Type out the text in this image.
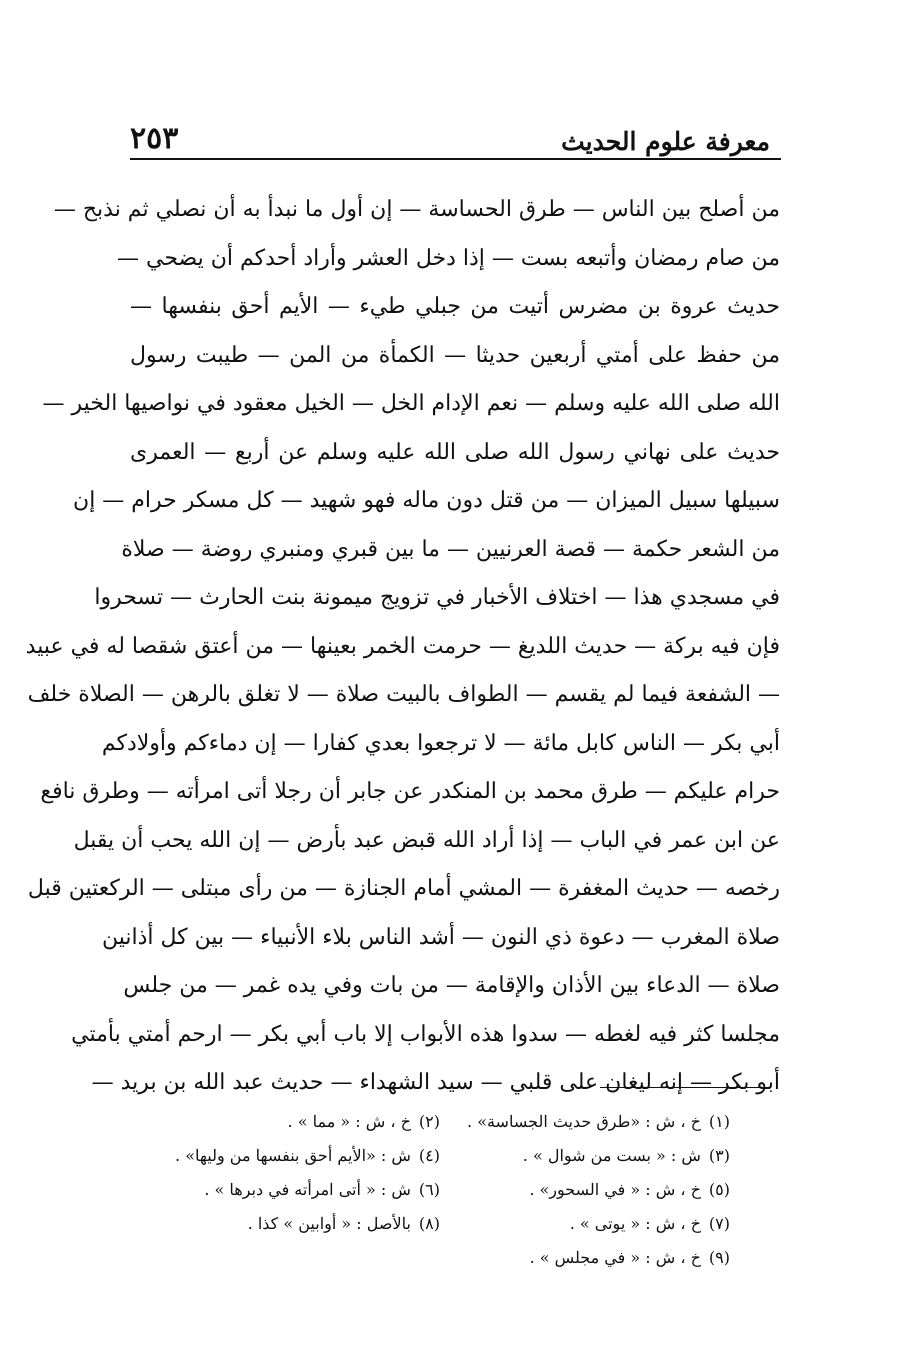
٢٥٣	معرفة علوم الحديث
من أصلح بين الناس — طرق الحساسة — إن أول ما نبدأ به أن نصلي ثم نذبح —
من صام رمضان وأتبعه بست — إذا دخل العشر وأراد أحدكم أن يضحي —
حديث عروة بن مضرس أتيت من جبلي طيء — الأيم أحق بنفسها —
من حفظ على أمتي أربعين حديثا — الكمأة من المن — طيبت رسول
الله صلى الله عليه وسلم — نعم الإدام الخل — الخيل معقود في نواصيها الخير —
حديث على نهاني رسول الله صلى الله عليه وسلم عن أربع — العمرى
سبيلها سبيل الميزان — من قتل دون ماله فهو شهيد — كل مسكر حرام — إن
من الشعر حكمة — قصة العرنيين — ما بين قبري ومنبري روضة — صلاة
في مسجدي هذا — اختلاف الأخبار في تزويج ميمونة بنت الحارث — تسحروا
فإن فيه بركة — حديث اللديغ — حرمت الخمر بعينها — من أعتق شقصا له في عبيد
— الشفعة فيما لم يقسم — الطواف بالبيت صلاة — لا تغلق بالرهن — الصلاة خلف
أبي بكر — الناس كابل مائة — لا ترجعوا بعدي كفارا — إن دماءكم وأولادكم
حرام عليكم — طرق محمد بن المنكدر عن جابر أن رجلا أتى امرأته — وطرق نافع
عن ابن عمر في الباب — إذا أراد الله قبض عبد بأرض — إن الله يحب أن يقبل
رخصه — حديث المغفرة — المشي أمام الجنازة — من رأى مبتلى — الركعتين قبل
صلاة المغرب — دعوة ذي النون — أشد الناس بلاء الأنبياء — بين كل أذانين
صلاة — الدعاء بين الأذان والإقامة — من بات وفي يده غمر — من جلس
مجلسا كثر فيه لغطه — سدوا هذه الأبواب إلا باب أبي بكر — ارحم أمتي بأمتي
أبو بكر — إنه ليغان على قلبي — سيد الشهداء — حديث عبد الله بن بريد —
(١)خ ، ش : «طرق حديث الجساسة» .
(٢)خ ، ش : « مما » .
(٣)ش : « بست من شوال » .
(٤)ش : «الأيم أحق بنفسها من وليها» .
(٥)خ ، ش : « في السحور» .
(٦)ش : « أتى امرأته في دبرها » .
(٧)خ ، ش : « يوتى » .
(٨)بالأصل : « أوابين » كذا .
(٩)خ ، ش : « في مجلس » .
